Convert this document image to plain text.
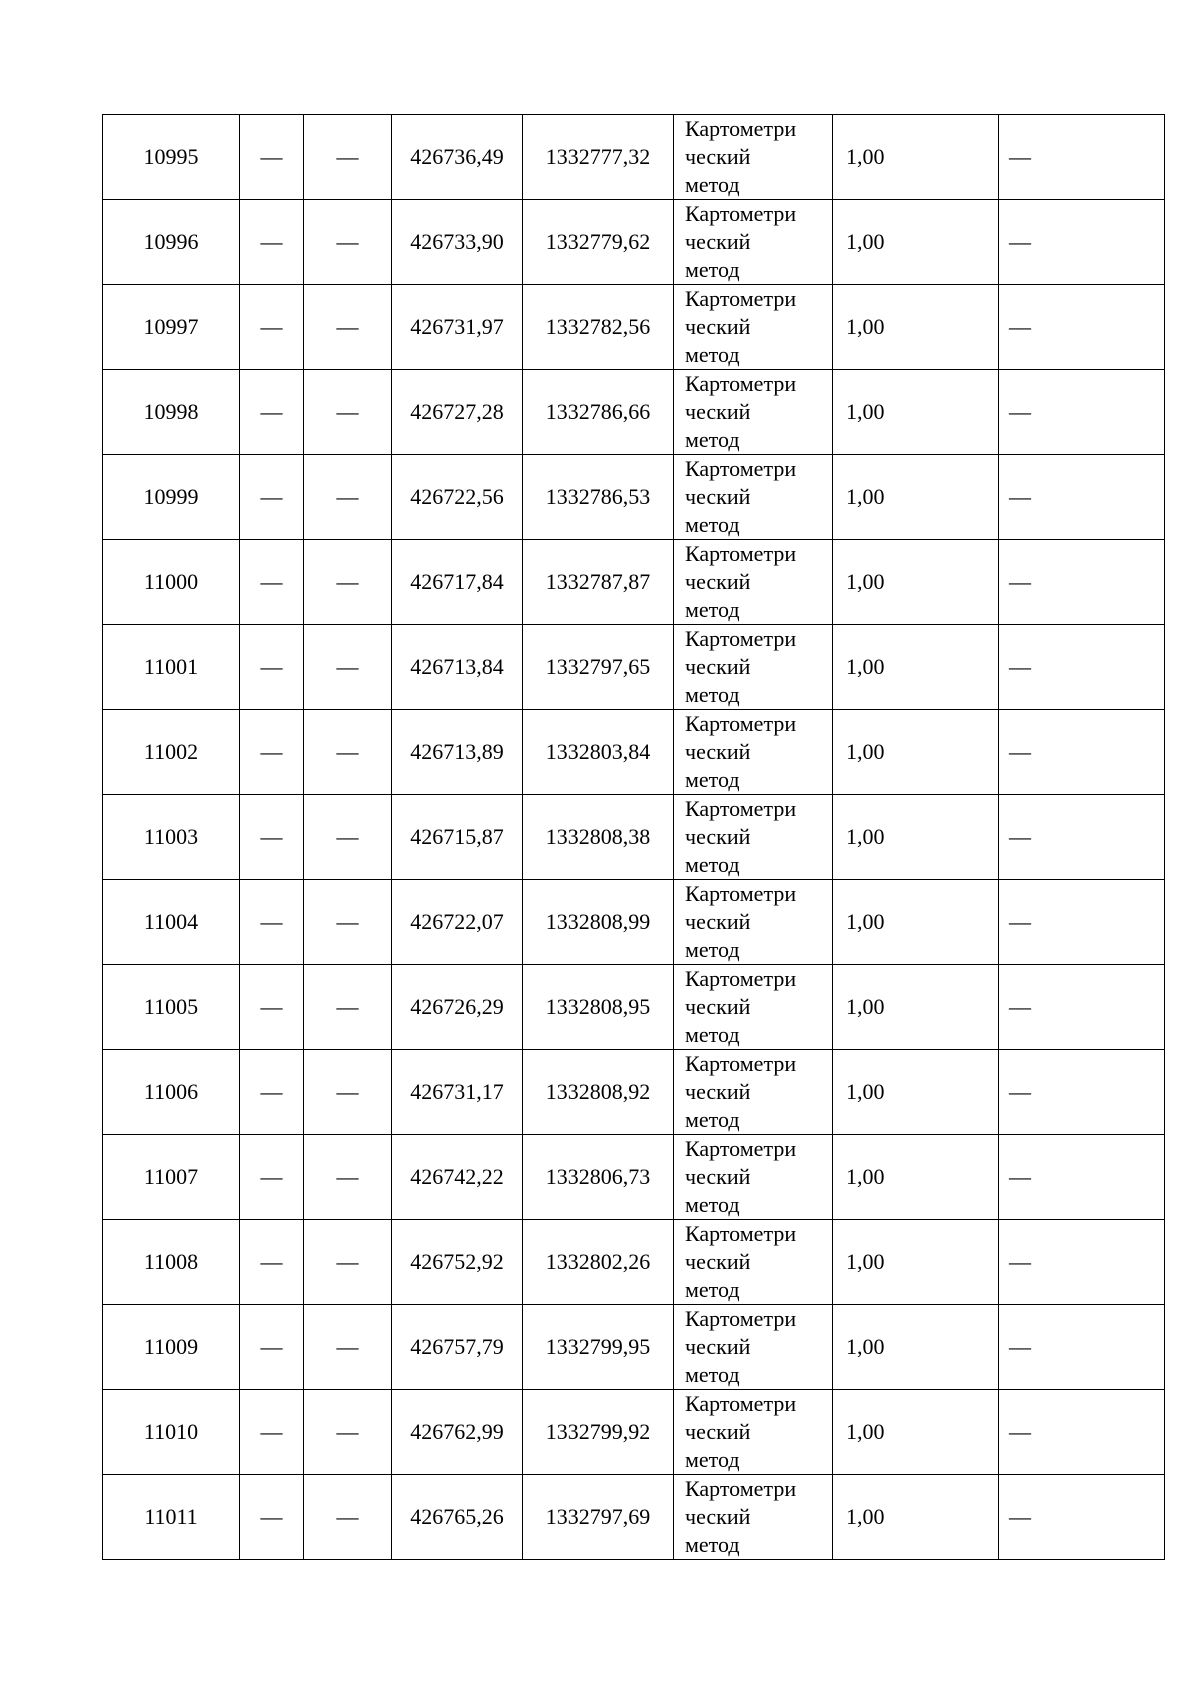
10995	—	—	426736,49	1332777,32	Картометри
ческий
метод	1,00	—
10996	—	—	426733,90	1332779,62	Картометри
ческий
метод	1,00	—
10997	—	—	426731,97	1332782,56	Картометри
ческий
метод	1,00	—
10998	—	—	426727,28	1332786,66	Картометри
ческий
метод	1,00	—
10999	—	—	426722,56	1332786,53	Картометри
ческий
метод	1,00	—
11000	—	—	426717,84	1332787,87	Картометри
ческий
метод	1,00	—
11001	—	—	426713,84	1332797,65	Картометри
ческий
метод	1,00	—
11002	—	—	426713,89	1332803,84	Картометри
ческий
метод	1,00	—
11003	—	—	426715,87	1332808,38	Картометри
ческий
метод	1,00	—
11004	—	—	426722,07	1332808,99	Картометри
ческий
метод	1,00	—
11005	—	—	426726,29	1332808,95	Картометри
ческий
метод	1,00	—
11006	—	—	426731,17	1332808,92	Картометри
ческий
метод	1,00	—
11007	—	—	426742,22	1332806,73	Картометри
ческий
метод	1,00	—
11008	—	—	426752,92	1332802,26	Картометри
ческий
метод	1,00	—
11009	—	—	426757,79	1332799,95	Картометри
ческий
метод	1,00	—
11010	—	—	426762,99	1332799,92	Картометри
ческий
метод	1,00	—
11011	—	—	426765,26	1332797,69	Картометри
ческий
метод	1,00	—
